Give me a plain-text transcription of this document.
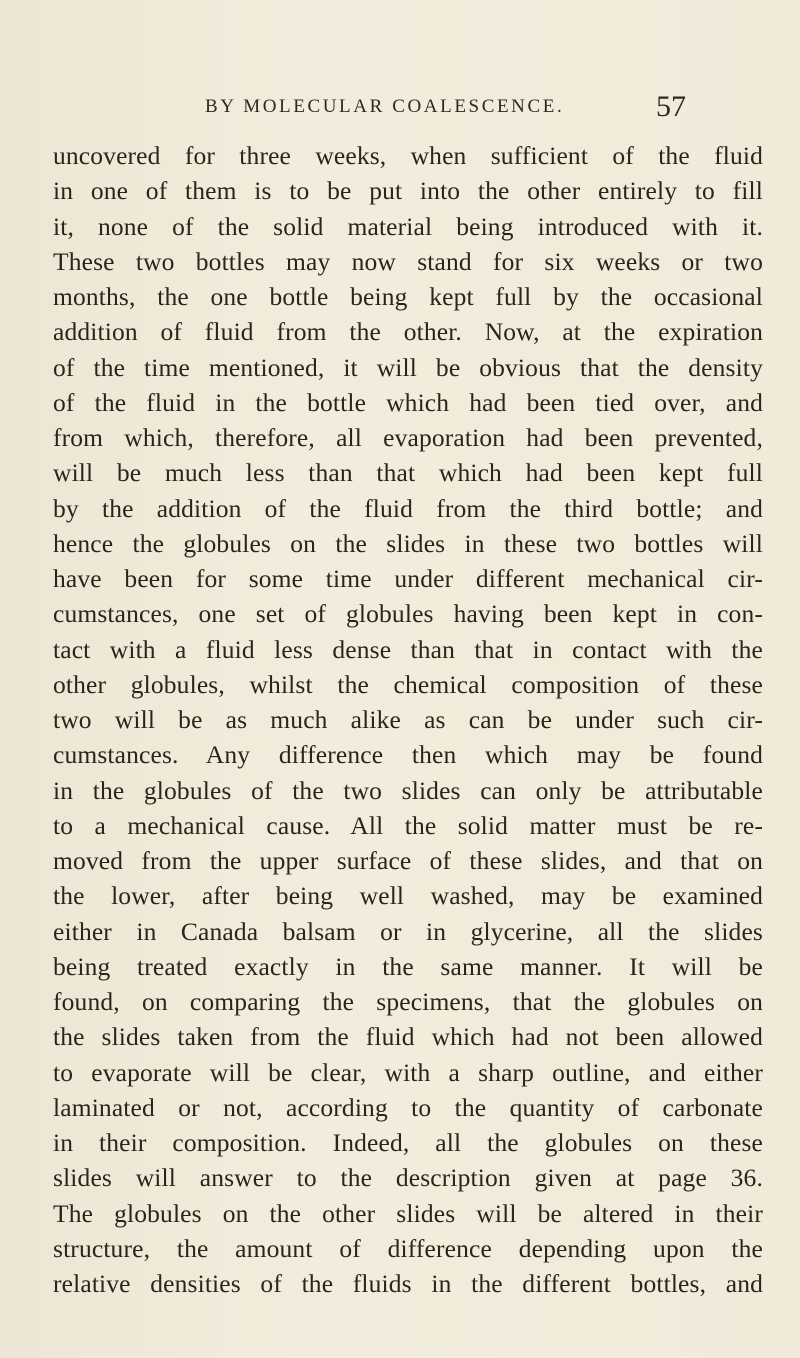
BY MOLECULAR COALESCENCE.	57
uncovered for three weeks, when sufficient of the fluid
in one of them is to be put into the other entirely to fill
it, none of the solid material being introduced with it.
These two bottles may now stand for six weeks or two
months, the one bottle being kept full by the occasional
addition of fluid from the other. Now, at the expiration
of the time mentioned, it will be obvious that the density
of the fluid in the bottle which had been tied over, and
from which, therefore, all evaporation had been prevented,
will be much less than that which had been kept full
by the addition of the fluid from the third bottle; and
hence the globules on the slides in these two bottles will
have been for some time under different mechanical cir-
cumstances, one set of globules having been kept in con-
tact with a fluid less dense than that in contact with the
other globules, whilst the chemical composition of these
two will be as much alike as can be under such cir-
cumstances. Any difference then which may be found
in the globules of the two slides can only be attributable
to a mechanical cause. All the solid matter must be re-
moved from the upper surface of these slides, and that on
the lower, after being well washed, may be examined
either in Canada balsam or in glycerine, all the slides
being treated exactly in the same manner. It will be
found, on comparing the specimens, that the globules on
the slides taken from the fluid which had not been allowed
to evaporate will be clear, with a sharp outline, and either
laminated or not, according to the quantity of carbonate
in their composition. Indeed, all the globules on these
slides will answer to the description given at page 36.
The globules on the other slides will be altered in their
structure, the amount of difference depending upon the
relative densities of the fluids in the different bottles, and
